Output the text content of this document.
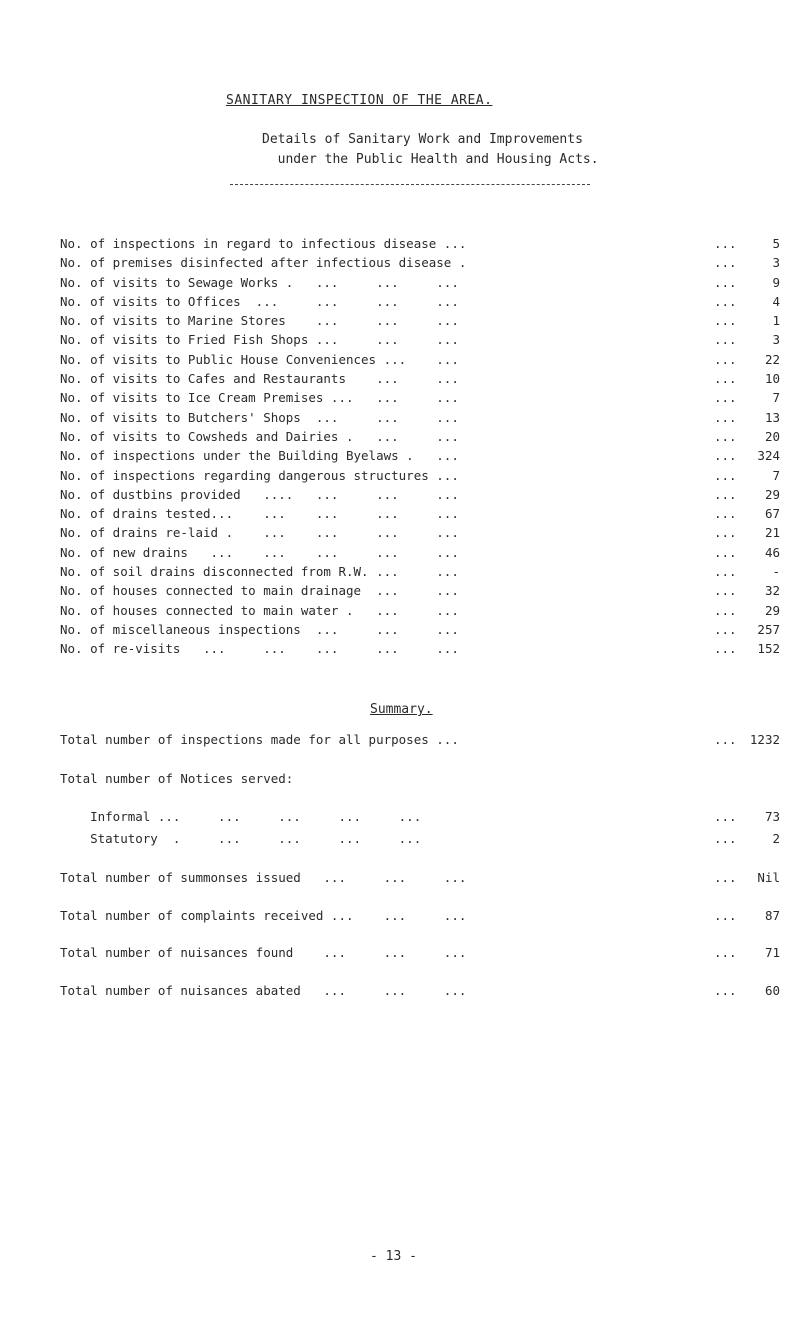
SANITARY INSPECTION OF THE AREA.
Details of Sanitary Work and Improvements
under the Public Health and Housing Acts.
No. of inspections in regard to infectious disease ...	...	5
No. of premises disinfected after infectious disease .	...	3
No. of visits to Sewage Works .   ...     ...     ...	...	9
No. of visits to Offices  ...     ...     ...     ...	...	4
No. of visits to Marine Stores    ...     ...     ...	...	1
No. of visits to Fried Fish Shops ...     ...     ...	...	3
No. of visits to Public House Conveniences ...    ...	... 22
No. of visits to Cafes and Restaurants    ...     ...	... 10
No. of visits to Ice Cream Premises ...   ...     ...	...	7
No. of visits to Butchers' Shops  ...     ...     ...	... 13
No. of visits to Cowsheds and Dairies .   ...     ...	... 20
No. of inspections under the Building Byelaws .   ...	... 324
No. of inspections regarding dangerous structures ...	...	7
No. of dustbins provided   ....   ...     ...     ...	... 29
No. of drains tested...    ...    ...     ...     ...	... 67
No. of drains re-laid .    ...    ...     ...     ...	... 21
No. of new drains   ...    ...    ...     ...     ...	... 46
No. of soil drains disconnected from R.W. ...     ...	...	-
No. of houses connected to main drainage  ...     ...	... 32
No. of houses connected to main water .   ...     ...	... 29
No. of miscellaneous inspections  ...     ...     ...	... 257
No. of re-visits   ...     ...    ...     ...     ...	... 152
Summary.
Total number of inspections made for all purposes ...	... 1232
Total number of Notices served:
Informal ...     ...     ...     ...     ...	... 73
Statutory  .     ...     ...     ...     ...	...	2
Total number of summonses issued   ...     ...     ...	... Nil
Total number of complaints received ...    ...     ...	... 87
Total number of nuisances found    ...     ...     ...	... 71
Total number of nuisances abated   ...     ...     ...	... 60
- 13 -
